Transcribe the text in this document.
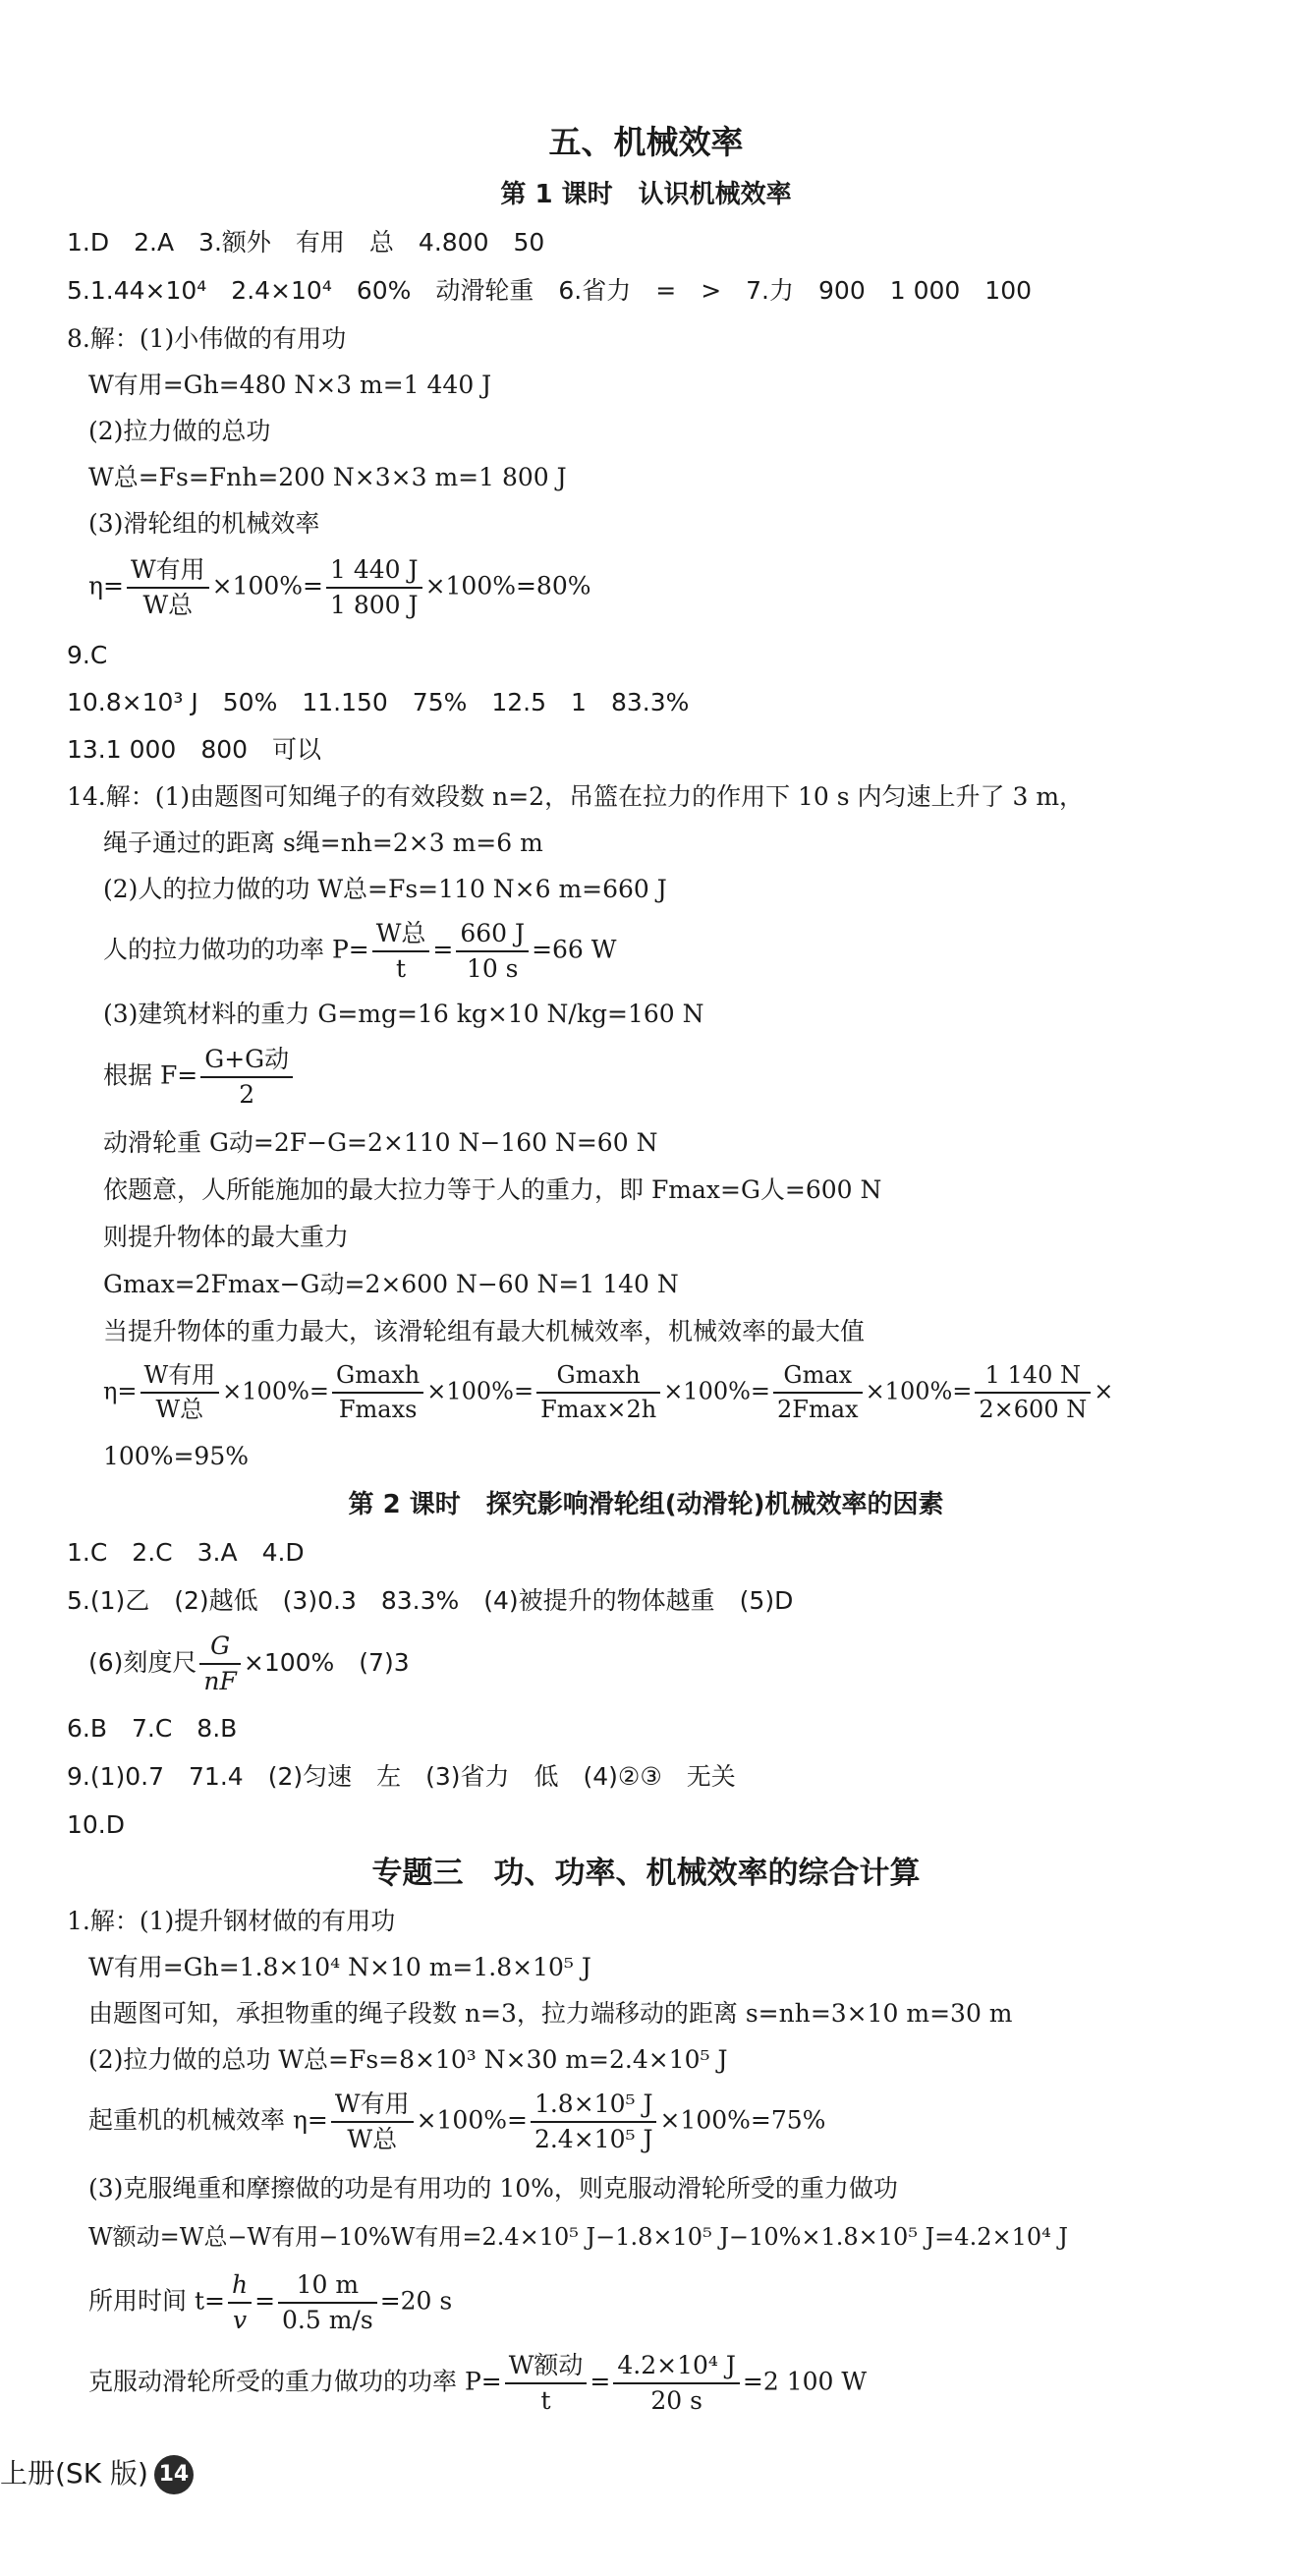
五、机械效率
第 1 课时　认识机械效率
1.D　2.A　3.额外　有用　总　4.800　50
5.1.44×10⁴　2.4×10⁴　60%　动滑轮重　6.省力　=　>　7.力　900　1 000　100
8.解：(1)小伟做的有用功
W有用=Gh=480 N×3 m=1 440 J
(2)拉力做的总功
W总=Fs=Fnh=200 N×3×3 m=1 800 J
(3)滑轮组的机械效率
$\eta= \frac{\text{W有用}}{\text{W总}} \times 100\%= \frac{1 440 J}{1 800 J} \times 100\%=80\%$
9.C
10.8×10³ J　50%　11.150　75%　12.5　1　83.3%
13.1 000　800　可以
14.解：(1)由题图可知绳子的有效段数 n=2，吊篮在拉力的作用下 10 s 内匀速上升了 3 m，
绳子通过的距离 s绳=nh=2×3 m=6 m
(2)人的拉力做的功 W总=Fs=110 N×6 m=660 J
人的拉力做功的功率 $P= \frac{\text{W总}}{t} = \frac{660 J}{10 s} =66$ W
(3)建筑材料的重力 G=mg=16 kg×10 N/kg=160 N
根据 $F= \frac{\text{G+G动}}{2}$
动滑轮重 G动=2F−G=2×110 N−160 N=60 N
依题意，人所能施加的最大拉力等于人的重力，即 Fmax=G人=600 N
则提升物体的最大重力
Gmax=2Fmax−G动=2×600 N−60 N=1 140 N
当提升物体的重力最大，该滑轮组有最大机械效率，机械效率的最大值
$\eta= \frac{\text{W有用}}{\text{W总}} \times 100\%= \frac{Gmaxh}{Fmaxs} \times 100\%= \frac{Gmaxh}{Fmax\times 2h} \times 100\%= \frac{Gmax}{2Fmax} \times 100\%= \frac{1 140 N}{2\times 600 N}$ ×
100%=95%
第 2 课时　探究影响滑轮组(动滑轮)机械效率的因素
1.C　2.C　3.A　4.D
5.(1)乙　(2)越低　(3)0.3　83.3%　(4)被提升的物体越重　(5)D
(6)刻度尺 $\frac{G}{nF} \times 100\%$　(7)3
6.B　7.C　8.B
9.(1)0.7　71.4　(2)匀速　左　(3)省力　低　(4)②③　无关
10.D
专题三　功、功率、机械效率的综合计算
1.解：(1)提升钢材做的有用功
W有用=Gh=1.8×10⁴ N×10 m=1.8×10⁵ J
由题图可知，承担物重的绳子段数 n=3，拉力端移动的距离 s=nh=3×10 m=30 m
(2)拉力做的总功 W总=Fs=8×10³ N×30 m=2.4×10⁵ J
起重机的机械效率 $\eta= \frac{\text{W有用}}{\text{W总}} \times 100\%= \frac{\text{1.8×10⁵ J}}{\text{2.4×10⁵ J}} \times 100\%=75\%$
(3)克服绳重和摩擦做的功是有用功的 10%，则克服动滑轮所受的重力做功
W额动=W总−W有用−10%W有用=2.4×10⁵ J−1.8×10⁵ J−10%×1.8×10⁵ J=4.2×10⁴ J
所用时间 $t= \frac{h}{v} = \frac{10 m}{0.5 m/s} =20$ s
克服动滑轮所受的重力做功的功率 $P= \frac{\text{W额动}}{t} = \frac{\text{4.2×10⁴ J}}{20 s} =2$ 100 W
上册(SK 版) 14
